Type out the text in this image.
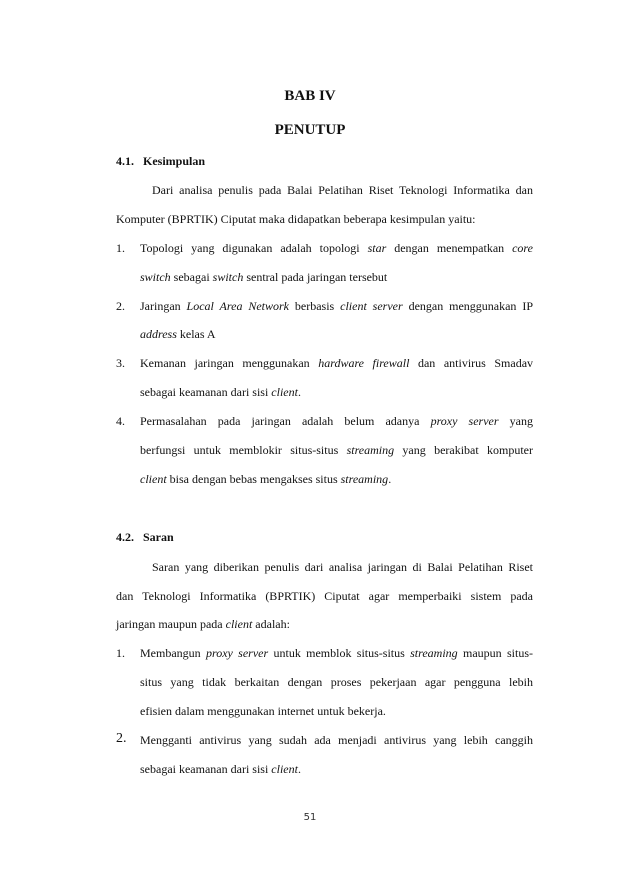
BAB IV
PENUTUP
4.1.   Kesimpulan
Dari analisa penulis pada Balai Pelatihan Riset Teknologi Informatika dan
Komputer (BPRTIK) Ciputat maka didapatkan beberapa kesimpulan yaitu:
1. Topologi yang digunakan adalah topologi star dengan menempatkan core
switch sebagai switch sentral pada jaringan tersebut
2. Jaringan Local Area Network berbasis client server dengan menggunakan IP
address kelas A
3. Kemanan jaringan menggunakan hardware firewall dan antivirus Smadav
sebagai keamanan dari sisi client.
4. Permasalahan pada jaringan adalah belum adanya proxy server yang
berfungsi untuk memblokir situs-situs streaming yang berakibat komputer
client bisa dengan bebas mengakses situs streaming.
4.2.   Saran
Saran yang diberikan penulis dari analisa jaringan di Balai Pelatihan Riset
dan Teknologi Informatika (BPRTIK) Ciputat agar memperbaiki sistem pada
jaringan maupun pada client adalah:
1. Membangun proxy server untuk memblok situs-situs streaming maupun situs-
situs yang tidak berkaitan dengan proses pekerjaan agar pengguna lebih
efisien dalam menggunakan internet untuk bekerja.
2. Mengganti antivirus yang sudah ada menjadi antivirus yang lebih canggih
sebagai keamanan dari sisi client.
51
